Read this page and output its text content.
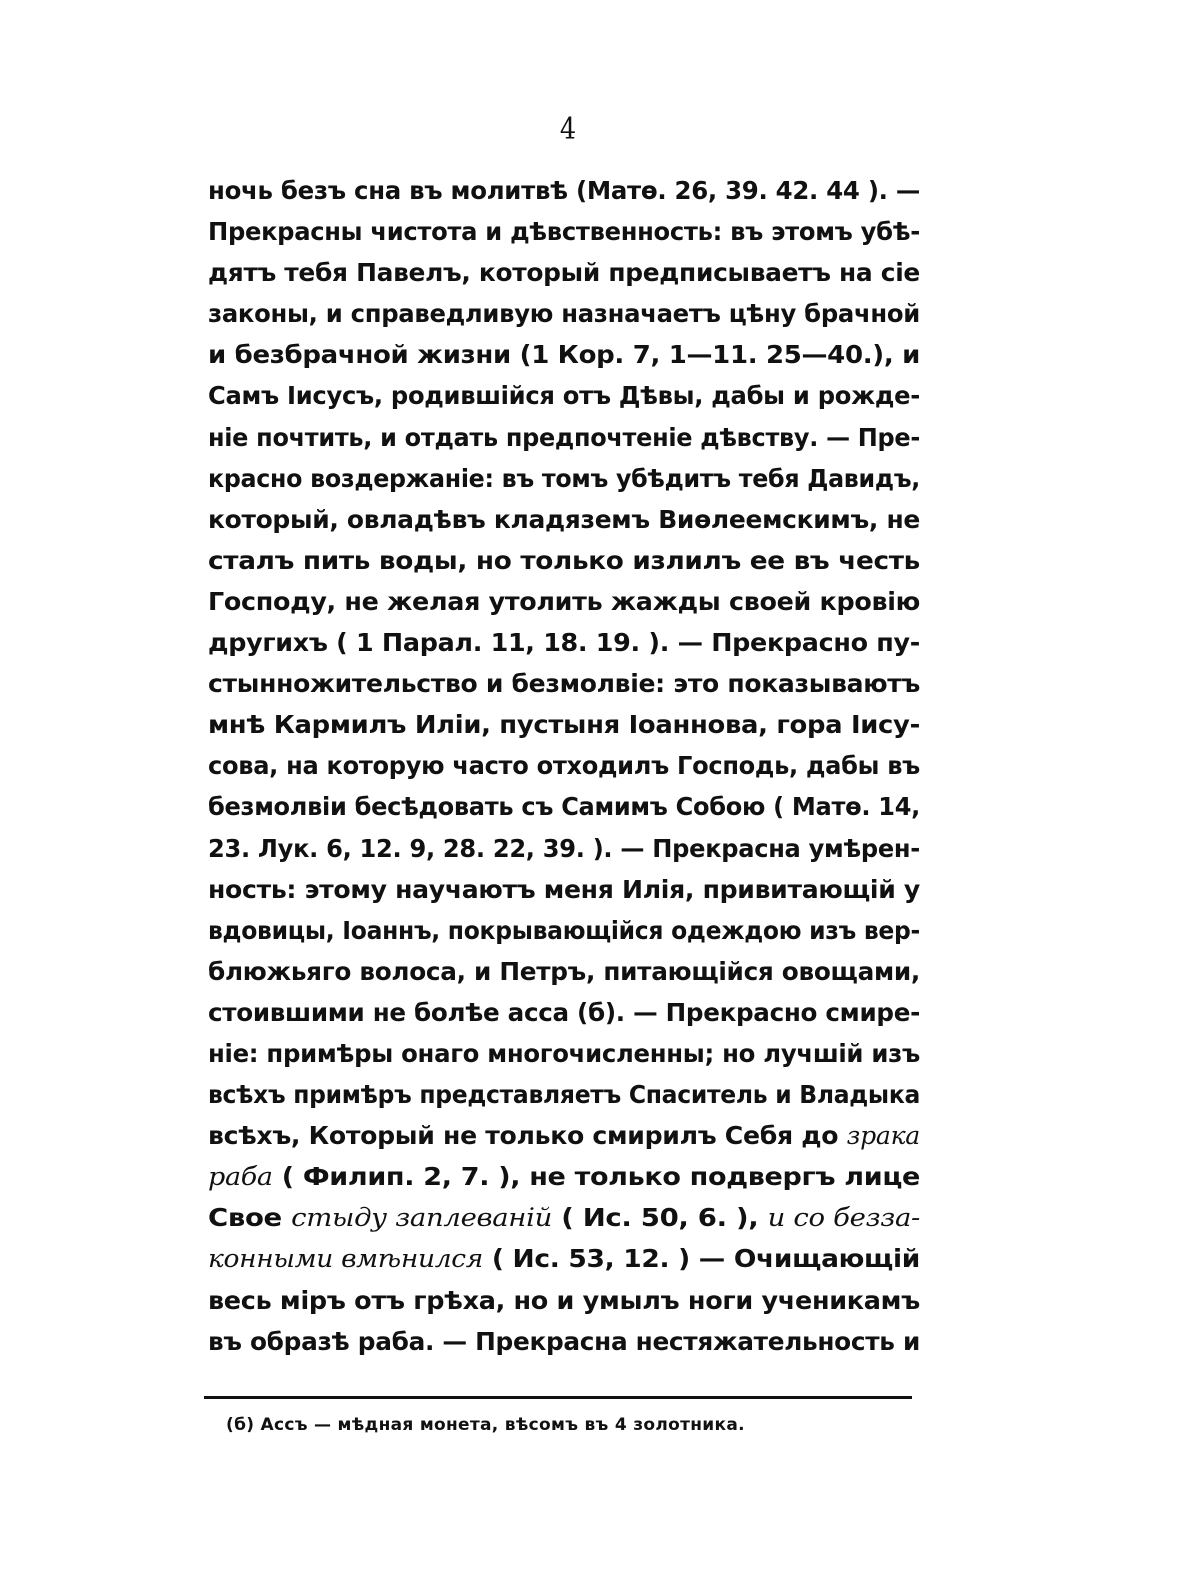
4
ночь безъ сна въ молитвѣ (Матѳ. 26, 39. 42. 44 ). —
Прекрасны чистота и дѣвственность: въ этомъ убѣ-
дятъ тебя Павелъ, который предписываетъ на сіе
законы, и справедливую назначаетъ цѣну брачной
и безбрачной жизни (1 Кор. 7, 1—11. 25—40.), и
Самъ Іисусъ, родившійся отъ Дѣвы, дабы и рожде-
ніе почтить, и отдать предпочтеніе дѣвству. — Пре-
красно воздержаніе: въ томъ убѣдитъ тебя Давидъ,
который, овладѣвъ кладяземъ Виѳлеемскимъ, не
сталъ пить воды, но только излилъ ее въ честь
Господу, не желая утолить жажды своей кровію
другихъ ( 1 Парал. 11, 18. 19. ). — Прекрасно пу-
стынножительство и безмолвіе: это показываютъ
мнѣ Кармилъ Иліи, пустыня Іоаннова, гора Іису-
сова, на которую часто отходилъ Господь, дабы въ
безмолвіи бесѣдовать съ Самимъ Собою ( Матѳ. 14,
23. Лук. 6, 12. 9, 28. 22, 39. ). — Прекрасна умѣрен-
ность: этому научаютъ меня Илія, привитающій у
вдовицы, Іоаннъ, покрывающійся одеждою изъ вер-
блюжьяго волоса, и Петръ, питающійся овощами,
стоившими не болѣе асса (б). — Прекрасно смире-
ніе: примѣры онаго многочисленны; но лучшій изъ
всѣхъ примѣръ представляетъ Спаситель и Владыка
всѣхъ, Который не только смирилъ Себя до зрака
раба ( Филип. 2, 7. ), не только подвергъ лице
Свое стыду заплеваній ( Ис. 50, 6. ), и со безза-
конными вмѣнился ( Ис. 53, 12. ) — Очищающій
весь міръ отъ грѣха, но и умылъ ноги ученикамъ
въ образѣ раба. — Прекрасна нестяжательность и
(б) Ассъ — мѣдная монета, вѣсомъ въ 4 золотника.
